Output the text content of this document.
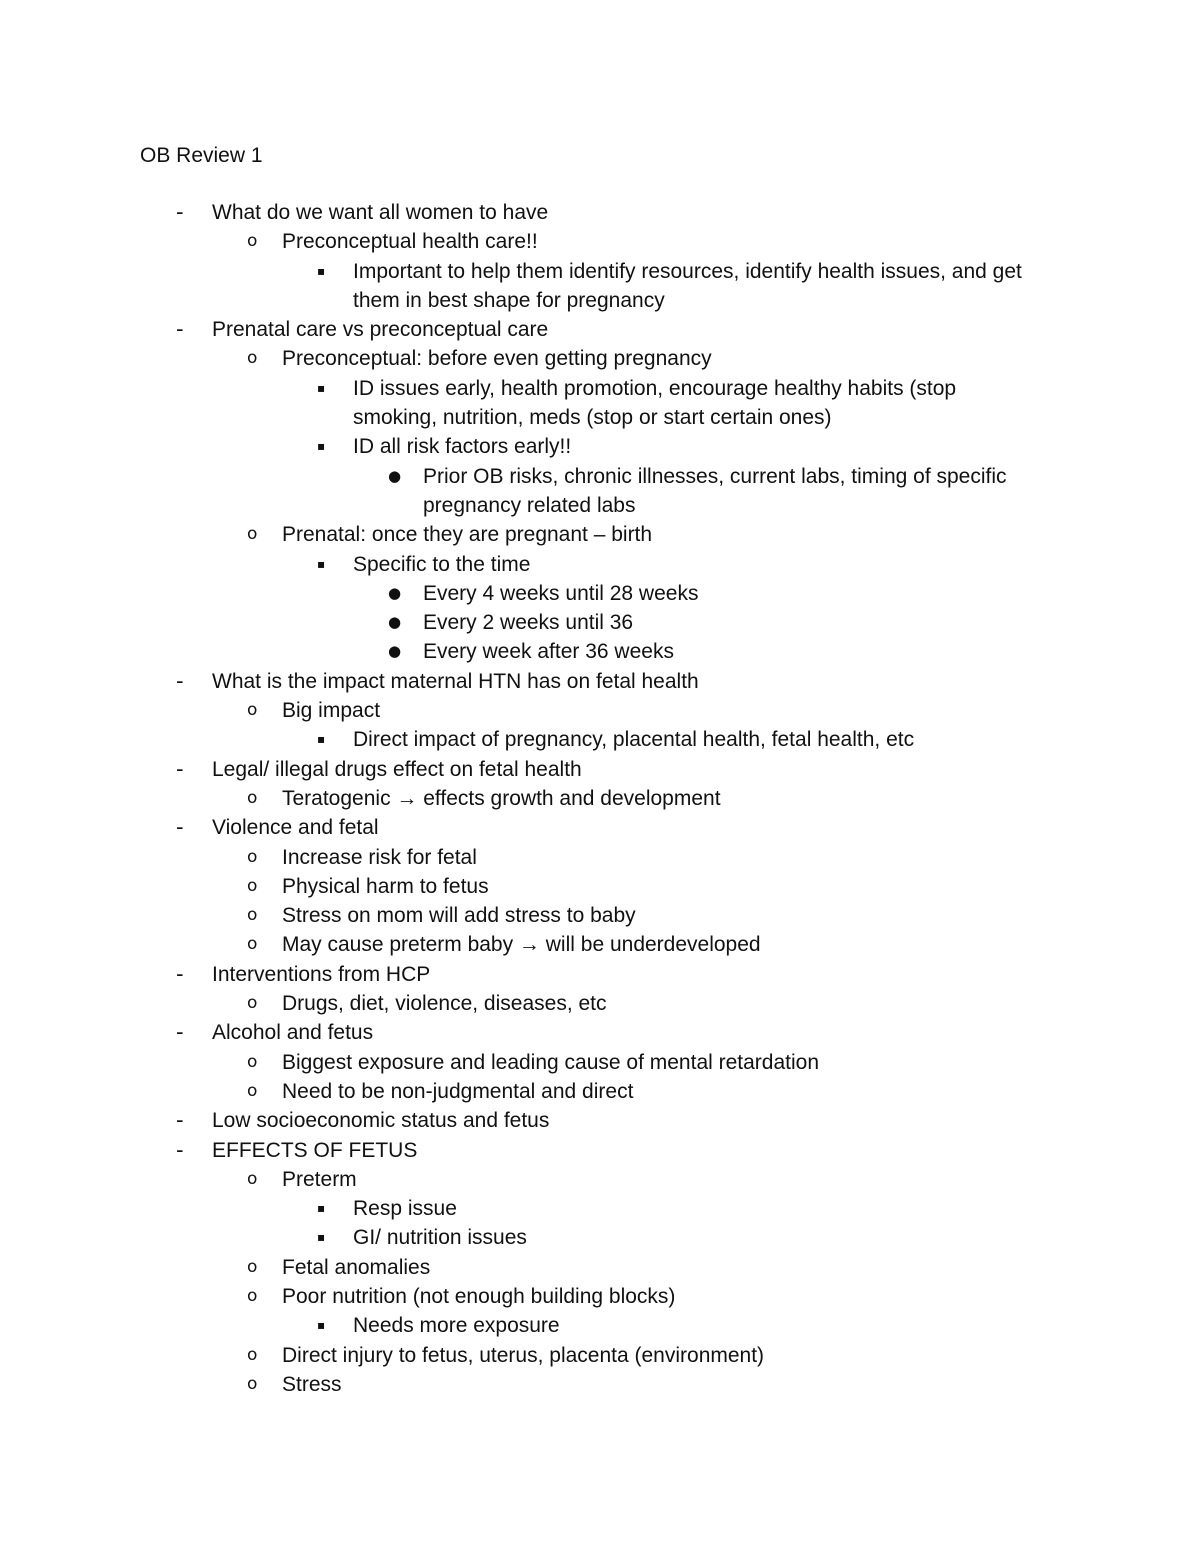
OB Review 1
- What do we want all women to have
o Preconceptual health care!!
▪ Important to help them identify resources, identify health issues, and get
them in best shape for pregnancy
- Prenatal care vs preconceptual care
o Preconceptual: before even getting pregnancy
▪ ID issues early, health promotion, encourage healthy habits (stop
smoking, nutrition, meds (stop or start certain ones)
▪ ID all risk factors early!!
● Prior OB risks, chronic illnesses, current labs, timing of specific
pregnancy related labs
o Prenatal: once they are pregnant – birth
▪ Specific to the time
● Every 4 weeks until 28 weeks
● Every 2 weeks until 36
● Every week after 36 weeks
- What is the impact maternal HTN has on fetal health
o Big impact
▪ Direct impact of pregnancy, placental health, fetal health, etc
- Legal/ illegal drugs effect on fetal health
o Teratogenic → effects growth and development
- Violence and fetal
o Increase risk for fetal
o Physical harm to fetus
o Stress on mom will add stress to baby
o May cause preterm baby → will be underdeveloped
- Interventions from HCP
o Drugs, diet, violence, diseases, etc
- Alcohol and fetus
o Biggest exposure and leading cause of mental retardation
o Need to be non-judgmental and direct
- Low socioeconomic status and fetus
- EFFECTS OF FETUS
o Preterm
▪ Resp issue
▪ GI/ nutrition issues
o Fetal anomalies
o Poor nutrition (not enough building blocks)
▪ Needs more exposure
o Direct injury to fetus, uterus, placenta (environment)
o Stress
